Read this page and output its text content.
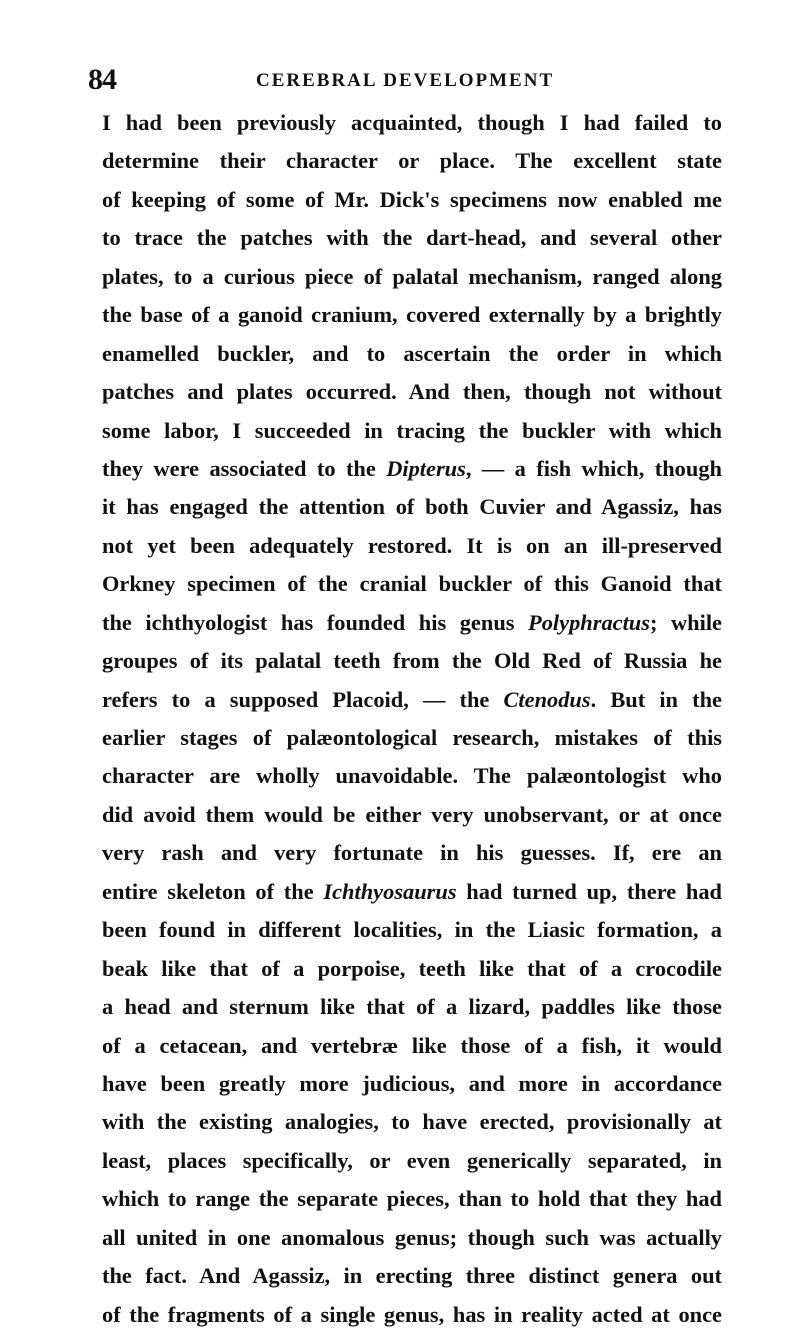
84	CEREBRAL DEVELOPMENT
I had been previously acquainted, though I had failed to
determine their character or place. The excellent state
of keeping of some of Mr. Dick's specimens now enabled me
to trace the patches with the dart-head, and several other
plates, to a curious piece of palatal mechanism, ranged along
the base of a ganoid cranium, covered externally by a brightly
enamelled buckler, and to ascertain the order in which
patches and plates occurred. And then, though not without
some labor, I succeeded in tracing the buckler with which
they were associated to the Dipterus, — a fish which, though
it has engaged the attention of both Cuvier and Agassiz, has
not yet been adequately restored. It is on an ill-preserved
Orkney specimen of the cranial buckler of this Ganoid that
the ichthyologist has founded his genus Polyphractus; while
groupes of its palatal teeth from the Old Red of Russia he
refers to a supposed Placoid, — the Ctenodus. But in the
earlier stages of palæontological research, mistakes of this
character are wholly unavoidable. The palæontologist who
did avoid them would be either very unobservant, or at once
very rash and very fortunate in his guesses. If, ere an
entire skeleton of the Ichthyosaurus had turned up, there had
been found in different localities, in the Liasic formation, a
beak like that of a porpoise, teeth like that of a crocodile
a head and sternum like that of a lizard, paddles like those
of a cetacean, and vertebræ like those of a fish, it would
have been greatly more judicious, and more in accordance
with the existing analogies, to have erected, provisionally at
least, places specifically, or even generically separated, in
which to range the separate pieces, than to hold that they had
all united in one anomalous genus; though such was actually
the fact. And Agassiz, in erecting three distinct genera out
of the fragments of a single genus, has in reality acted at once
